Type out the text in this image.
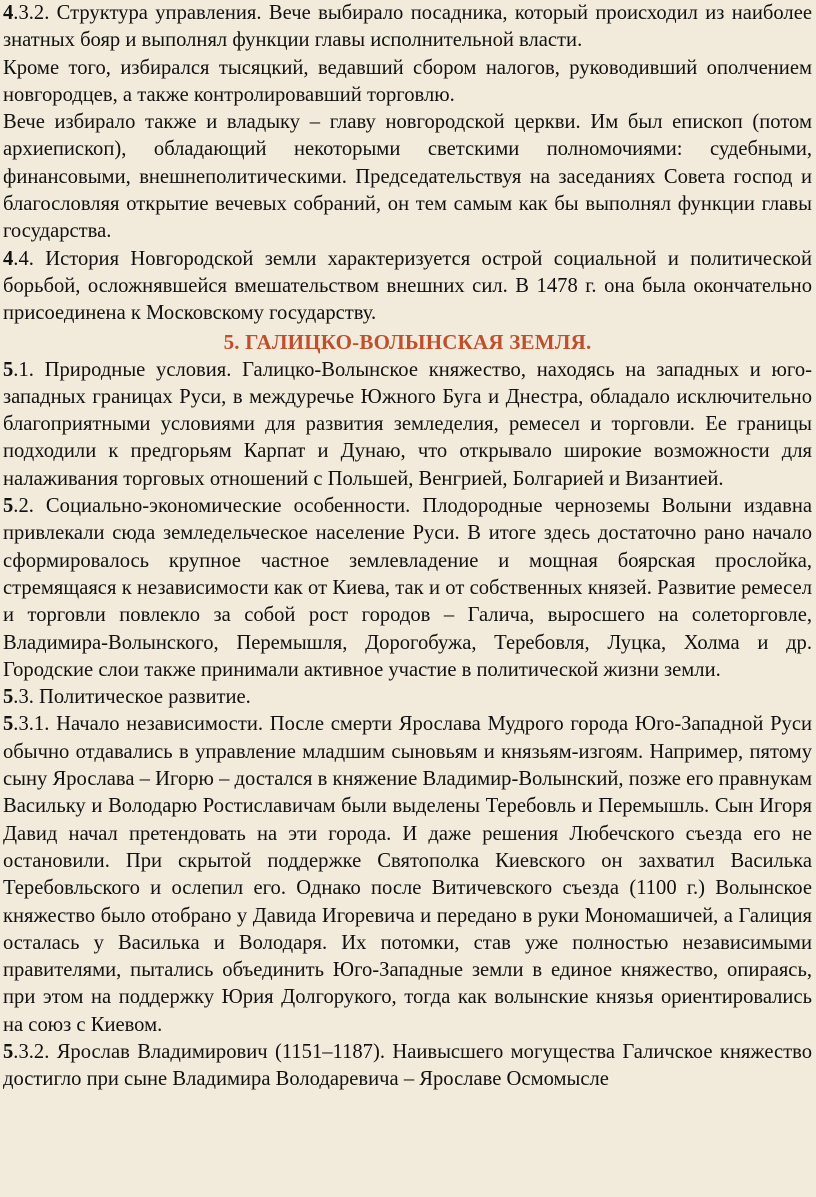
4.3.2. Структура управления. Вече выбирало посадника, который происходил из наиболее знатных бояр и выполнял функции главы исполнительной власти.

Кроме того, избирался тысяцкий, ведавший сбором налогов, руководивший ополчением новгородцев, а также контролировавший торговлю.

Вече избирало также и владыку – главу новгородской церкви. Им был епископ (потом архиепископ), обладающий некоторыми светскими полномочиями: судебными, финансовыми, внешнеполитическими. Председательствуя на заседаниях Совета господ и благословляя открытие вечевых собраний, он тем самым как бы выполнял функции главы государства.

4.4. История Новгородской земли характеризуется острой социальной и политической борьбой, осложнявшейся вмешательством внешних сил. В 1478 г. она была окончательно присоединена к Московскому государству.

5. ГАЛИЦКО-ВОЛЫНСКАЯ ЗЕМЛЯ.

5.1. Природные условия. Галицко-Волынское княжество, находясь на западных и юго-западных границах Руси, в междуречье Южного Буга и Днестра, обладало исключительно благоприятными условиями для развития земледелия, ремесел и торговли. Ее границы подходили к предгорьям Карпат и Дунаю, что открывало широкие возможности для налаживания торговых отношений с Польшей, Венгрией, Болгарией и Византией.

5.2. Социально-экономические особенности. Плодородные черноземы Волыни издавна привлекали сюда земледельческое население Руси. В итоге здесь достаточно рано начало сформировалось крупное частное землевладение и мощная боярская прослойка, стремящаяся к независимости как от Киева, так и от собственных князей. Развитие ремесел и торговли повлекло за собой рост городов – Галича, выросшего на солеторговле, Владимира-Волынского, Перемышля, Дорогобужа, Теребовля, Луцка, Холма и др. Городские слои также принимали активное участие в политической жизни земли.

5.3. Политическое развитие.

5.3.1. Начало независимости. После смерти Ярослава Мудрого города Юго-Западной Руси обычно отдавались в управление младшим сыновьям и князьям-изгоям. Например, пятому сыну Ярослава – Игорю – достался в княжение Владимир-Волынский, позже его правнукам Васильку и Володарю Ростиславичам были выделены Теребовль и Перемышль. Сын Игоря Давид начал претендовать на эти города. И даже решения Любечского съезда его не остановили. При скрытой поддержке Святополка Киевского он захватил Василька Теребовльского и ослепил его. Однако после Витичевского съезда (1100 г.) Волынское княжество было отобрано у Давида Игоревича и передано в руки Мономашичей, а Галиция осталась у Василька и Володаря. Их потомки, став уже полностью независимыми правителями, пытались объединить Юго-Западные земли в единое княжество, опираясь, при этом на поддержку Юрия Долгорукого, тогда как волынские князья ориентировались на союз с Киевом.

5.3.2. Ярослав Владимирович (1151–1187). Наивысшего могущества Галичское княжество достигло при сыне Владимира Володаревича – Ярославе Осмомысле
